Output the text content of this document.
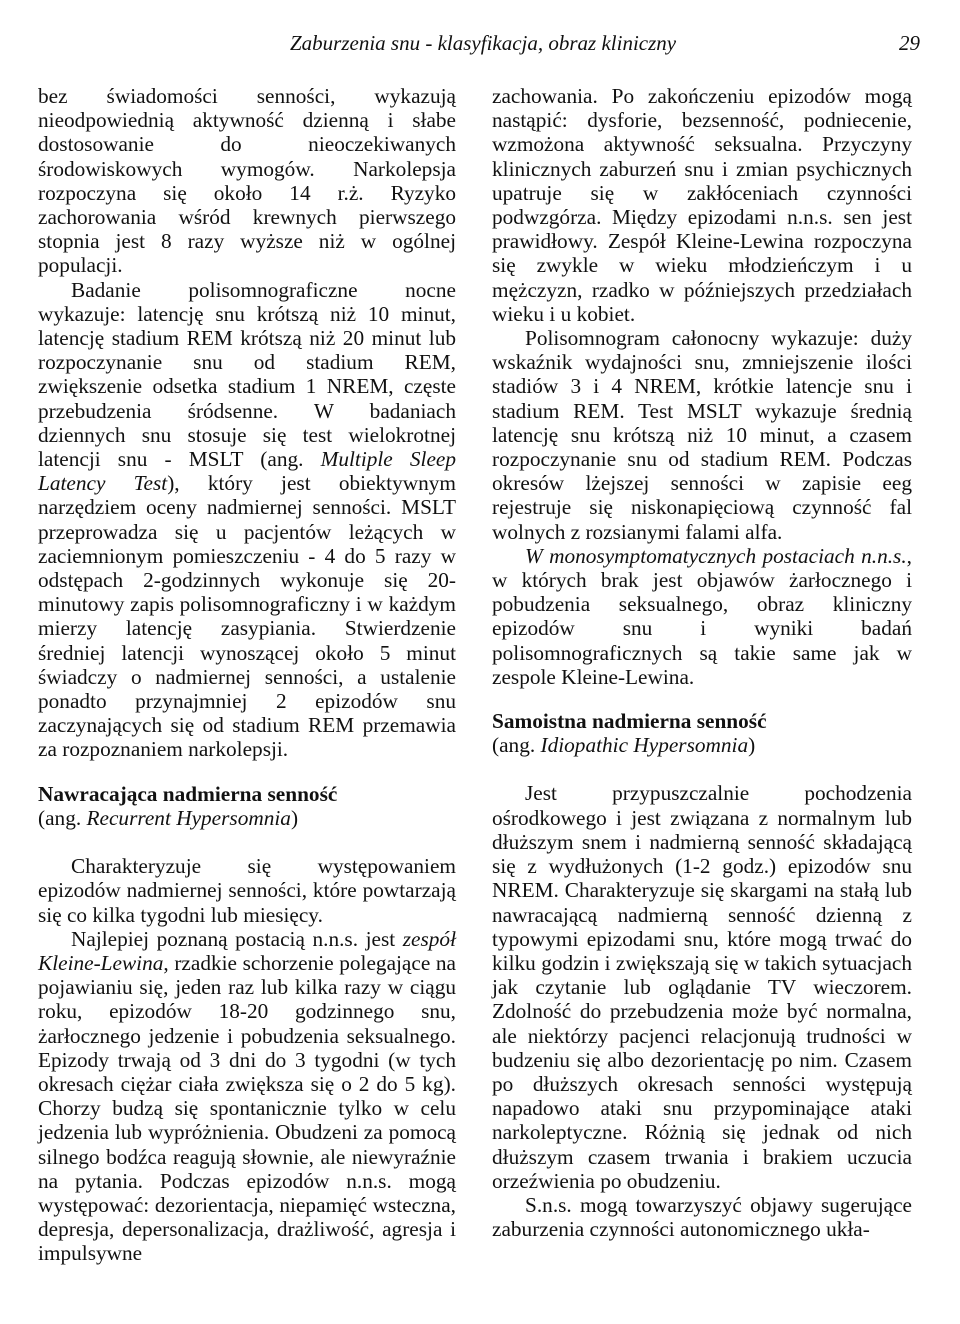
Zaburzenia snu - klasyfikacja, obraz kliniczny	29

bez świadomości senności, wykazują nieodpowiednią aktywność dzienną i słabe dostosowanie do nieoczekiwanych środowiskowych wymogów. Narkolepsja rozpoczyna się około 14 r.ż. Ryzyko zachorowania wśród krewnych pierwszego stopnia jest 8 razy wyższe niż w ogólnej populacji.

Badanie polisomnograficzne nocne wykazuje: latencję snu krótszą niż 10 minut, latencję stadium REM krótszą niż 20 minut lub rozpoczynanie snu od stadium REM, zwiększenie odsetka stadium 1 NREM, częste przebudzenia śródsenne. W badaniach dziennych snu stosuje się test wielokrotnej latencji snu - MSLT (ang. Multiple Sleep Latency Test), który jest obiektywnym narzędziem oceny nadmiernej senności. MSLT przeprowadza się u pacjentów leżących w zaciemnionym pomieszczeniu - 4 do 5 razy w odstępach 2-godzinnych wykonuje się 20-minutowy zapis polisomnograficzny i w każdym mierzy latencję zasypiania. Stwierdzenie średniej latencji wynoszącej około 5 minut świadczy o nadmiernej senności, a ustalenie ponadto przynajmniej 2 epizodów snu zaczynających się od stadium REM przemawia za rozpoznaniem narkolepsji.

Nawracająca nadmierna senność

(ang. Recurrent Hypersomnia)

Charakteryzuje się występowaniem epizodów nadmiernej senności, które powtarzają się co kilka tygodni lub miesięcy.

Najlepiej poznaną postacią n.n.s. jest zespół Kleine-Lewina, rzadkie schorzenie polegające na pojawianiu się, jeden raz lub kilka razy w ciągu roku, epizodów 18-20 godzinnego snu, żarłocznego jedzenie i pobudzenia seksualnego. Epizody trwają od 3 dni do 3 tygodni (w tych okresach ciężar ciała zwiększa się o 2 do 5 kg). Chorzy budzą się spontanicznie tylko w celu jedzenia lub wypróżnienia. Obudzeni za pomocą silnego bodźca reagują słownie, ale niewyraźnie na pytania. Podczas epizodów n.n.s. mogą występować: dezorientacja, niepamięć wsteczna, depresja, depersonalizacja, drażliwość, agresja i impulsywne

zachowania. Po zakończeniu epizodów mogą nastąpić: dysforie, bezsenność, podniecenie, wzmożona aktywność seksualna. Przyczyny klinicznych zaburzeń snu i zmian psychicznych upatruje się w zakłóceniach czynności podwzgórza. Między epizodami n.n.s. sen jest prawidłowy. Zespół Kleine-Lewina rozpoczyna się zwykle w wieku młodzieńczym i u mężczyzn, rzadko w późniejszych przedziałach wieku i u kobiet.

Polisomnogram całonocny wykazuje: duży wskaźnik wydajności snu, zmniejszenie ilości stadiów 3 i 4 NREM, krótkie latencje snu i stadium REM. Test MSLT wykazuje średnią latencję snu krótszą niż 10 minut, a czasem rozpoczynanie snu od stadium REM. Podczas okresów lżejszej senności w zapisie eeg rejestruje się niskonapięciową czynność fal wolnych z rozsianymi falami alfa.

W monosymptomatycznych postaciach n.n.s., w których brak jest objawów żarłocznego i pobudzenia seksualnego, obraz kliniczny epizodów snu i wyniki badań polisomnograficznych są takie same jak w zespole Kleine-Lewina.

Samoistna nadmierna senność

(ang. Idiopathic Hypersomnia)

Jest przypuszczalnie pochodzenia ośrodkowego i jest związana z normalnym lub dłuższym snem i nadmierną senność składającą się z wydłużonych (1-2 godz.) epizodów snu NREM. Charakteryzuje się skargami na stałą lub nawracającą nadmierną senność dzienną z typowymi epizodami snu, które mogą trwać do kilku godzin i zwiększają się w takich sytuacjach jak czytanie lub oglądanie TV wieczorem. Zdolność do przebudzenia może być normalna, ale niektórzy pacjenci relacjonują trudności w budzeniu się albo dezorientację po nim. Czasem po dłuższych okresach senności występują napadowo ataki snu przypominające ataki narkoleptyczne. Różnią się jednak od nich dłuższym czasem trwania i brakiem uczucia orzeźwienia po obudzeniu.

S.n.s. mogą towarzyszyć objawy sugerujące zaburzenia czynności autonomicznego ukła-
